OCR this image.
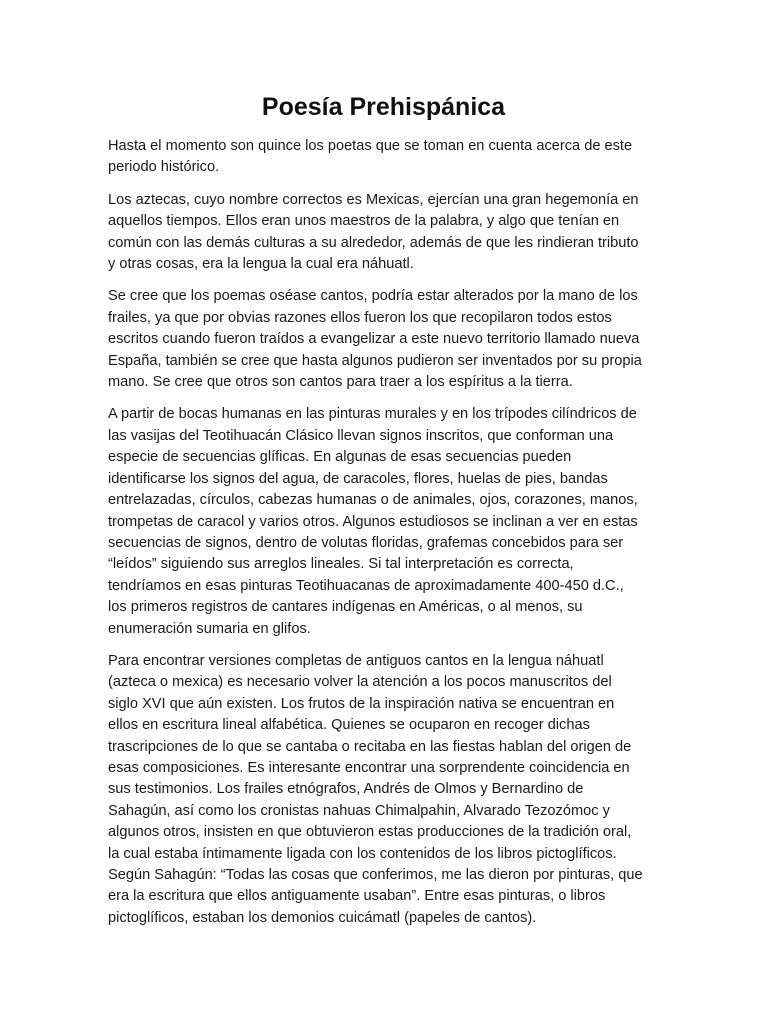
Poesía Prehispánica
Hasta el momento son quince los poetas que se toman en cuenta acerca de este
periodo histórico.
Los aztecas, cuyo nombre correctos es Mexicas, ejercían una gran hegemonía en
aquellos tiempos. Ellos eran unos maestros de la palabra, y algo que tenían en
común con las demás culturas a su alrededor, además de que les rindieran tributo
y otras cosas, era la lengua la cual era náhuatl.
Se cree que los poemas oséase cantos, podría estar alterados por la mano de los
frailes, ya que por obvias razones ellos fueron los que recopilaron todos estos
escritos cuando fueron traídos a evangelizar a este nuevo territorio llamado nueva
España, también se cree que hasta algunos pudieron ser inventados por su propia
mano. Se cree que otros son cantos para traer a los espíritus a la tierra.
A partir de bocas humanas en las pinturas murales y en los trípodes cilíndricos de
las vasijas del Teotihuacán Clásico llevan signos inscritos, que conforman una
especie de secuencias glíficas. En algunas de esas secuencias pueden
identificarse los signos del agua, de caracoles, flores, huelas de pies, bandas
entrelazadas, círculos, cabezas humanas o de animales, ojos, corazones, manos,
trompetas de caracol y varios otros. Algunos estudiosos se inclinan a ver en estas
secuencias de signos, dentro de volutas floridas, grafemas concebidos para ser
“leídos” siguiendo sus arreglos lineales. Si tal interpretación es correcta,
tendríamos en esas pinturas Teotihuacanas de aproximadamente 400-450 d.C.,
los primeros registros de cantares indígenas en Américas, o al menos, su
enumeración sumaria en glifos.
Para encontrar versiones completas de antiguos cantos en la lengua náhuatl
(azteca o mexica) es necesario volver la atención a los pocos manuscritos del
siglo XVI que aún existen. Los frutos de la inspiración nativa se encuentran en
ellos en escritura lineal alfabética. Quienes se ocuparon en recoger dichas
trascripciones de lo que se cantaba o recitaba en las fiestas hablan del origen de
esas composiciones. Es interesante encontrar una sorprendente coincidencia en
sus testimonios. Los frailes etnógrafos, Andrés de Olmos y Bernardino de
Sahagún, así como los cronistas nahuas Chimalpahin, Alvarado Tezozómoc y
algunos otros, insisten en que obtuvieron estas producciones de la tradición oral,
la cual estaba íntimamente ligada con los contenidos de los libros pictoglíficos.
Según Sahagún: “Todas las cosas que conferimos, me las dieron por pinturas, que
era la escritura que ellos antiguamente usaban”. Entre esas pinturas, o libros
pictoglíficos, estaban los demonios cuicámatl (papeles de cantos).
